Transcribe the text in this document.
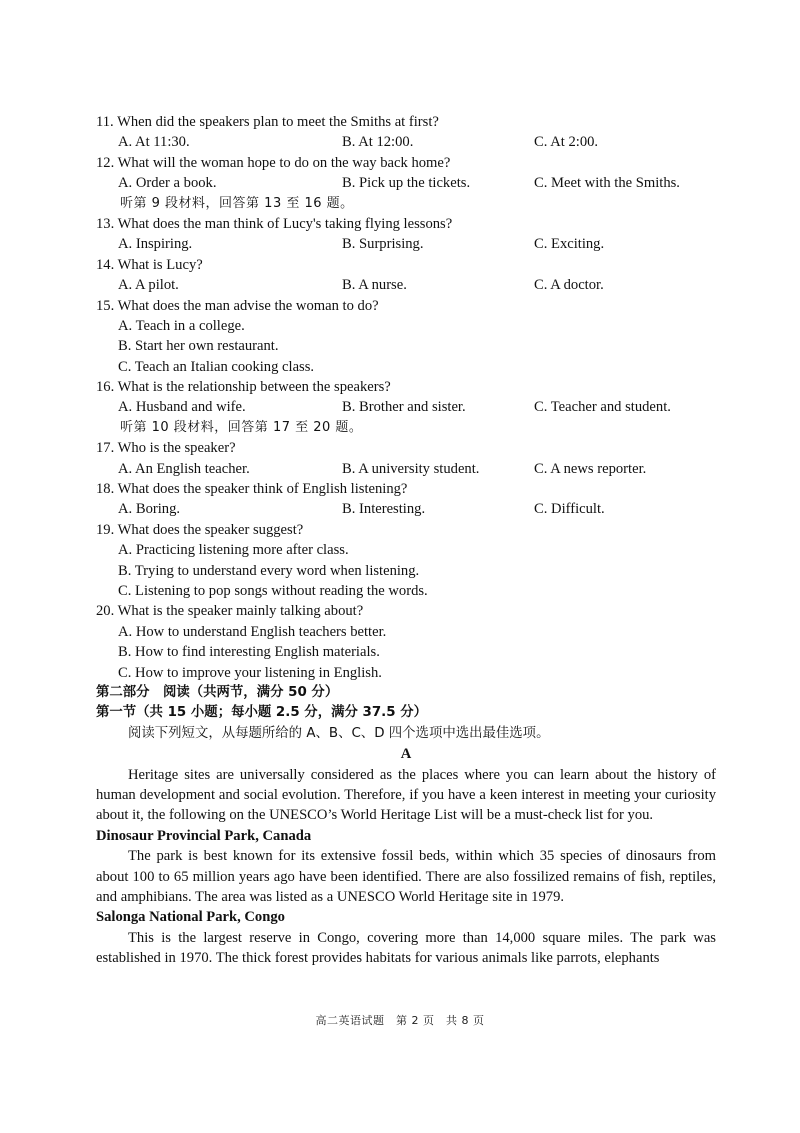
11. When did the speakers plan to meet the Smiths at first?
A. At 11:30.	B. At 12:00.	C. At 2:00.
12. What will the woman hope to do on the way back home?
A. Order a book.	B. Pick up the tickets.	C. Meet with the Smiths.
听第 9 段材料，回答第 13 至 16 题。
13. What does the man think of Lucy's taking flying lessons?
A. Inspiring.	B. Surprising.	C. Exciting.
14. What is Lucy?
A. A pilot.	B. A nurse.	C. A doctor.
15. What does the man advise the woman to do?
A. Teach in a college.
B. Start her own restaurant.
C. Teach an Italian cooking class.
16. What is the relationship between the speakers?
A. Husband and wife.	B. Brother and sister.	C. Teacher and student.
听第 10 段材料，回答第 17 至 20 题。
17. Who is the speaker?
A. An English teacher.	B. A university student.	C. A news reporter.
18. What does the speaker think of English listening?
A. Boring.	B. Interesting.	C. Difficult.
19. What does the speaker suggest?
A. Practicing listening more after class.
B. Trying to understand every word when listening.
C. Listening to pop songs without reading the words.
20. What is the speaker mainly talking about?
A. How to understand English teachers better.
B. How to find interesting English materials.
C. How to improve your listening in English.
第二部分　阅读（共两节，满分 50 分）
第一节（共 15 小题；每小题 2.5 分，满分 37.5 分）
阅读下列短文，从每题所给的 A、B、C、D 四个选项中选出最佳选项。
A
Heritage sites are universally considered as the places where you can learn about the history of human development and social evolution. Therefore, if you have a keen interest in meeting your curiosity about it, the following on the UNESCO’s World Heritage List will be a must-check list for you.
Dinosaur Provincial Park, Canada
The park is best known for its extensive fossil beds, within which 35 species of dinosaurs from about 100 to 65 million years ago have been identified. There are also fossilized remains of fish, reptiles, and amphibians. The area was listed as a UNESCO World Heritage site in 1979.
Salonga National Park, Congo
This is the largest reserve in Congo, covering more than 14,000 square miles. The park was established in 1970. The thick forest provides habitats for various animals like parrots, elephants
高二英语试题　第 2 页　共 8 页
